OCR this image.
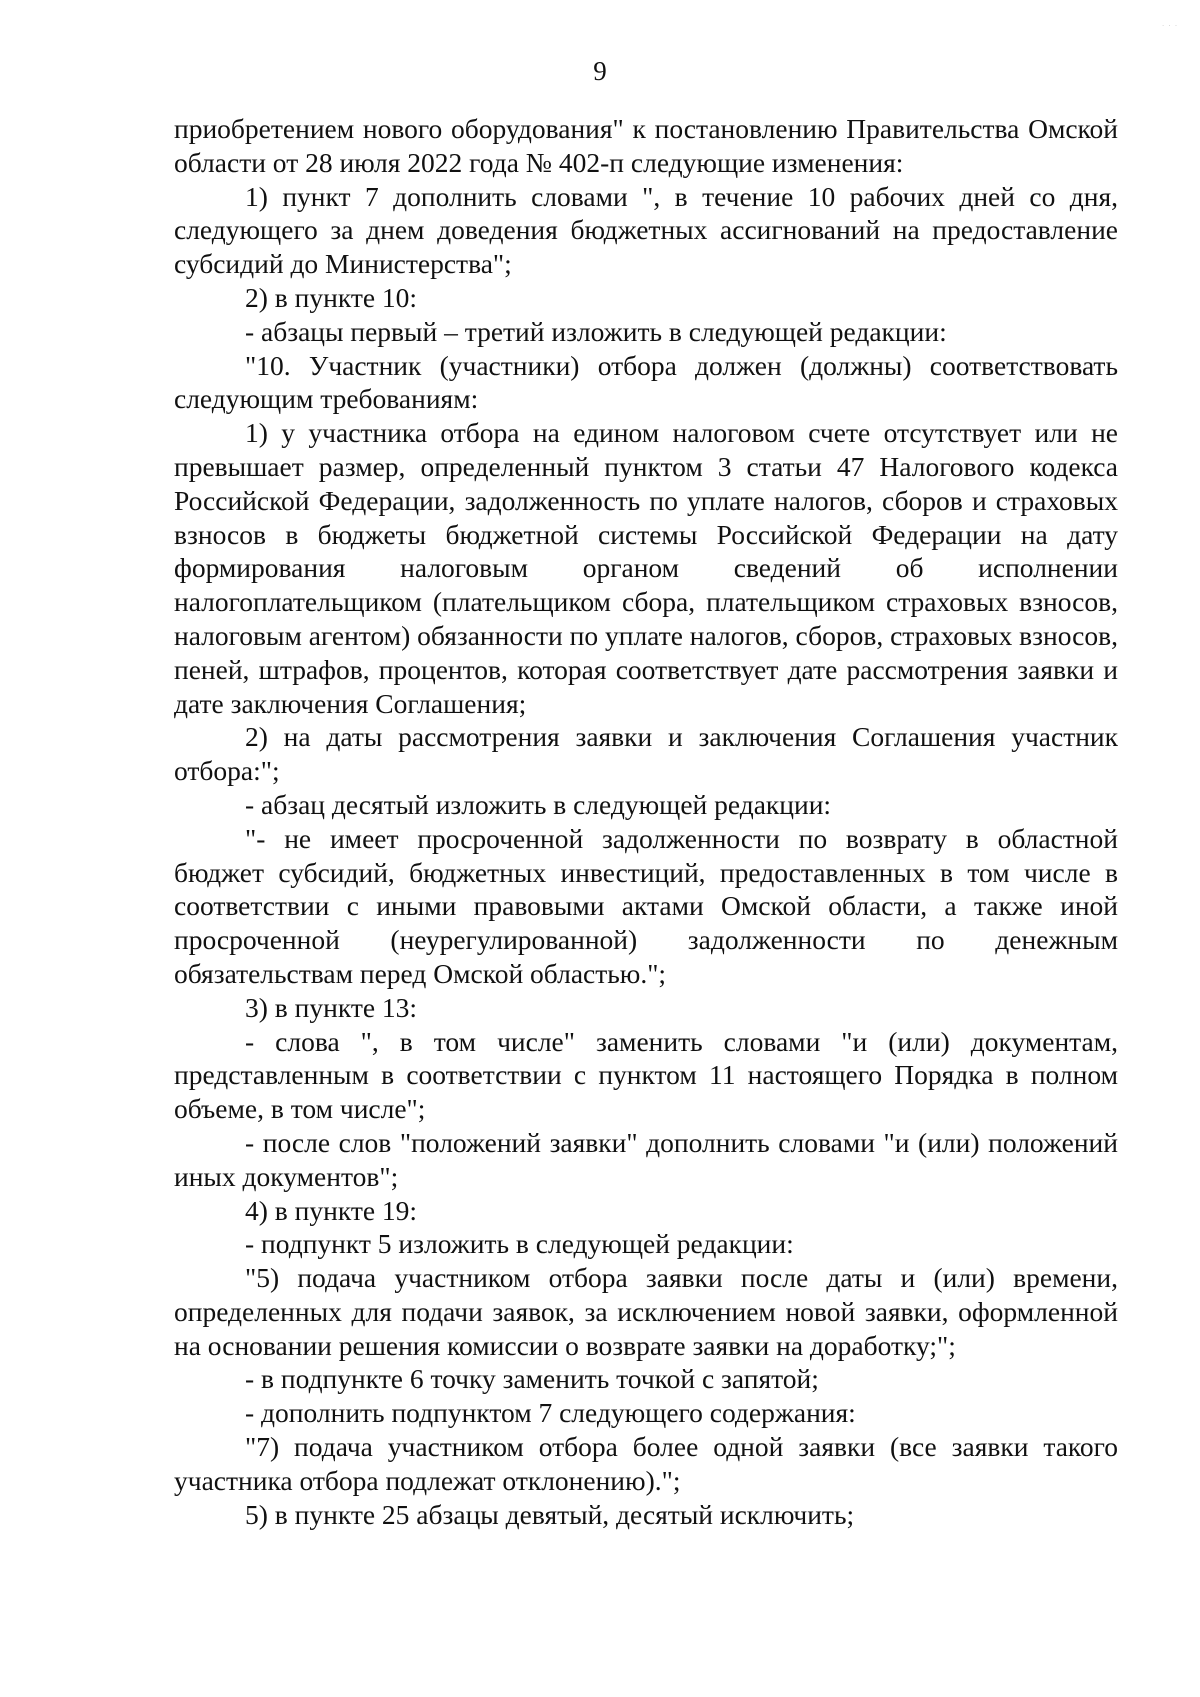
· · ·
9

приобретением нового оборудования" к постановлению Правительства Омской области от 28 июля 2022 года № 402-п следующие изменения:

1) пункт 7 дополнить словами ", в течение 10 рабочих дней со дня, следующего за днем доведения бюджетных ассигнований на предоставление субсидий до Министерства";

2) в пункте 10:

- абзацы первый – третий изложить в следующей редакции:

"10. Участник (участники) отбора должен (должны) соответствовать следующим требованиям:

1) у участника отбора на едином налоговом счете отсутствует или не превышает размер, определенный пунктом 3 статьи 47 Налогового кодекса Российской Федерации, задолженность по уплате налогов, сборов и страховых взносов в бюджеты бюджетной системы Российской Федерации на дату формирования налоговым органом сведений об исполнении налогоплательщиком (плательщиком сбора, плательщиком страховых взносов, налоговым агентом) обязанности по уплате налогов, сборов, страховых взносов, пеней, штрафов, процентов, которая соответствует дате рассмотрения заявки и дате заключения Соглашения;

2) на даты рассмотрения заявки и заключения Соглашения участник отбора:";

- абзац десятый изложить в следующей редакции:

"- не имеет просроченной задолженности по возврату в областной бюджет субсидий, бюджетных инвестиций, предоставленных в том числе в соответствии с иными правовыми актами Омской области, а также иной просроченной (неурегулированной) задолженности по денежным обязательствам перед Омской областью.";

3) в пункте 13:

- слова ", в том числе" заменить словами "и (или) документам, представленным в соответствии с пунктом 11 настоящего Порядка в полном объеме, в том числе";

- после слов "положений заявки" дополнить словами "и (или) положений иных документов";

4) в пункте 19:

- подпункт 5 изложить в следующей редакции:

"5) подача участником отбора заявки после даты и (или) времени, определенных для подачи заявок, за исключением новой заявки, оформленной на основании решения комиссии о возврате заявки на доработку;";

- в подпункте 6 точку заменить точкой с запятой;

- дополнить подпунктом 7 следующего содержания:

"7) подача участником отбора более одной заявки (все заявки такого участника отбора подлежат отклонению).";

5) в пункте 25 абзацы девятый, десятый исключить;
